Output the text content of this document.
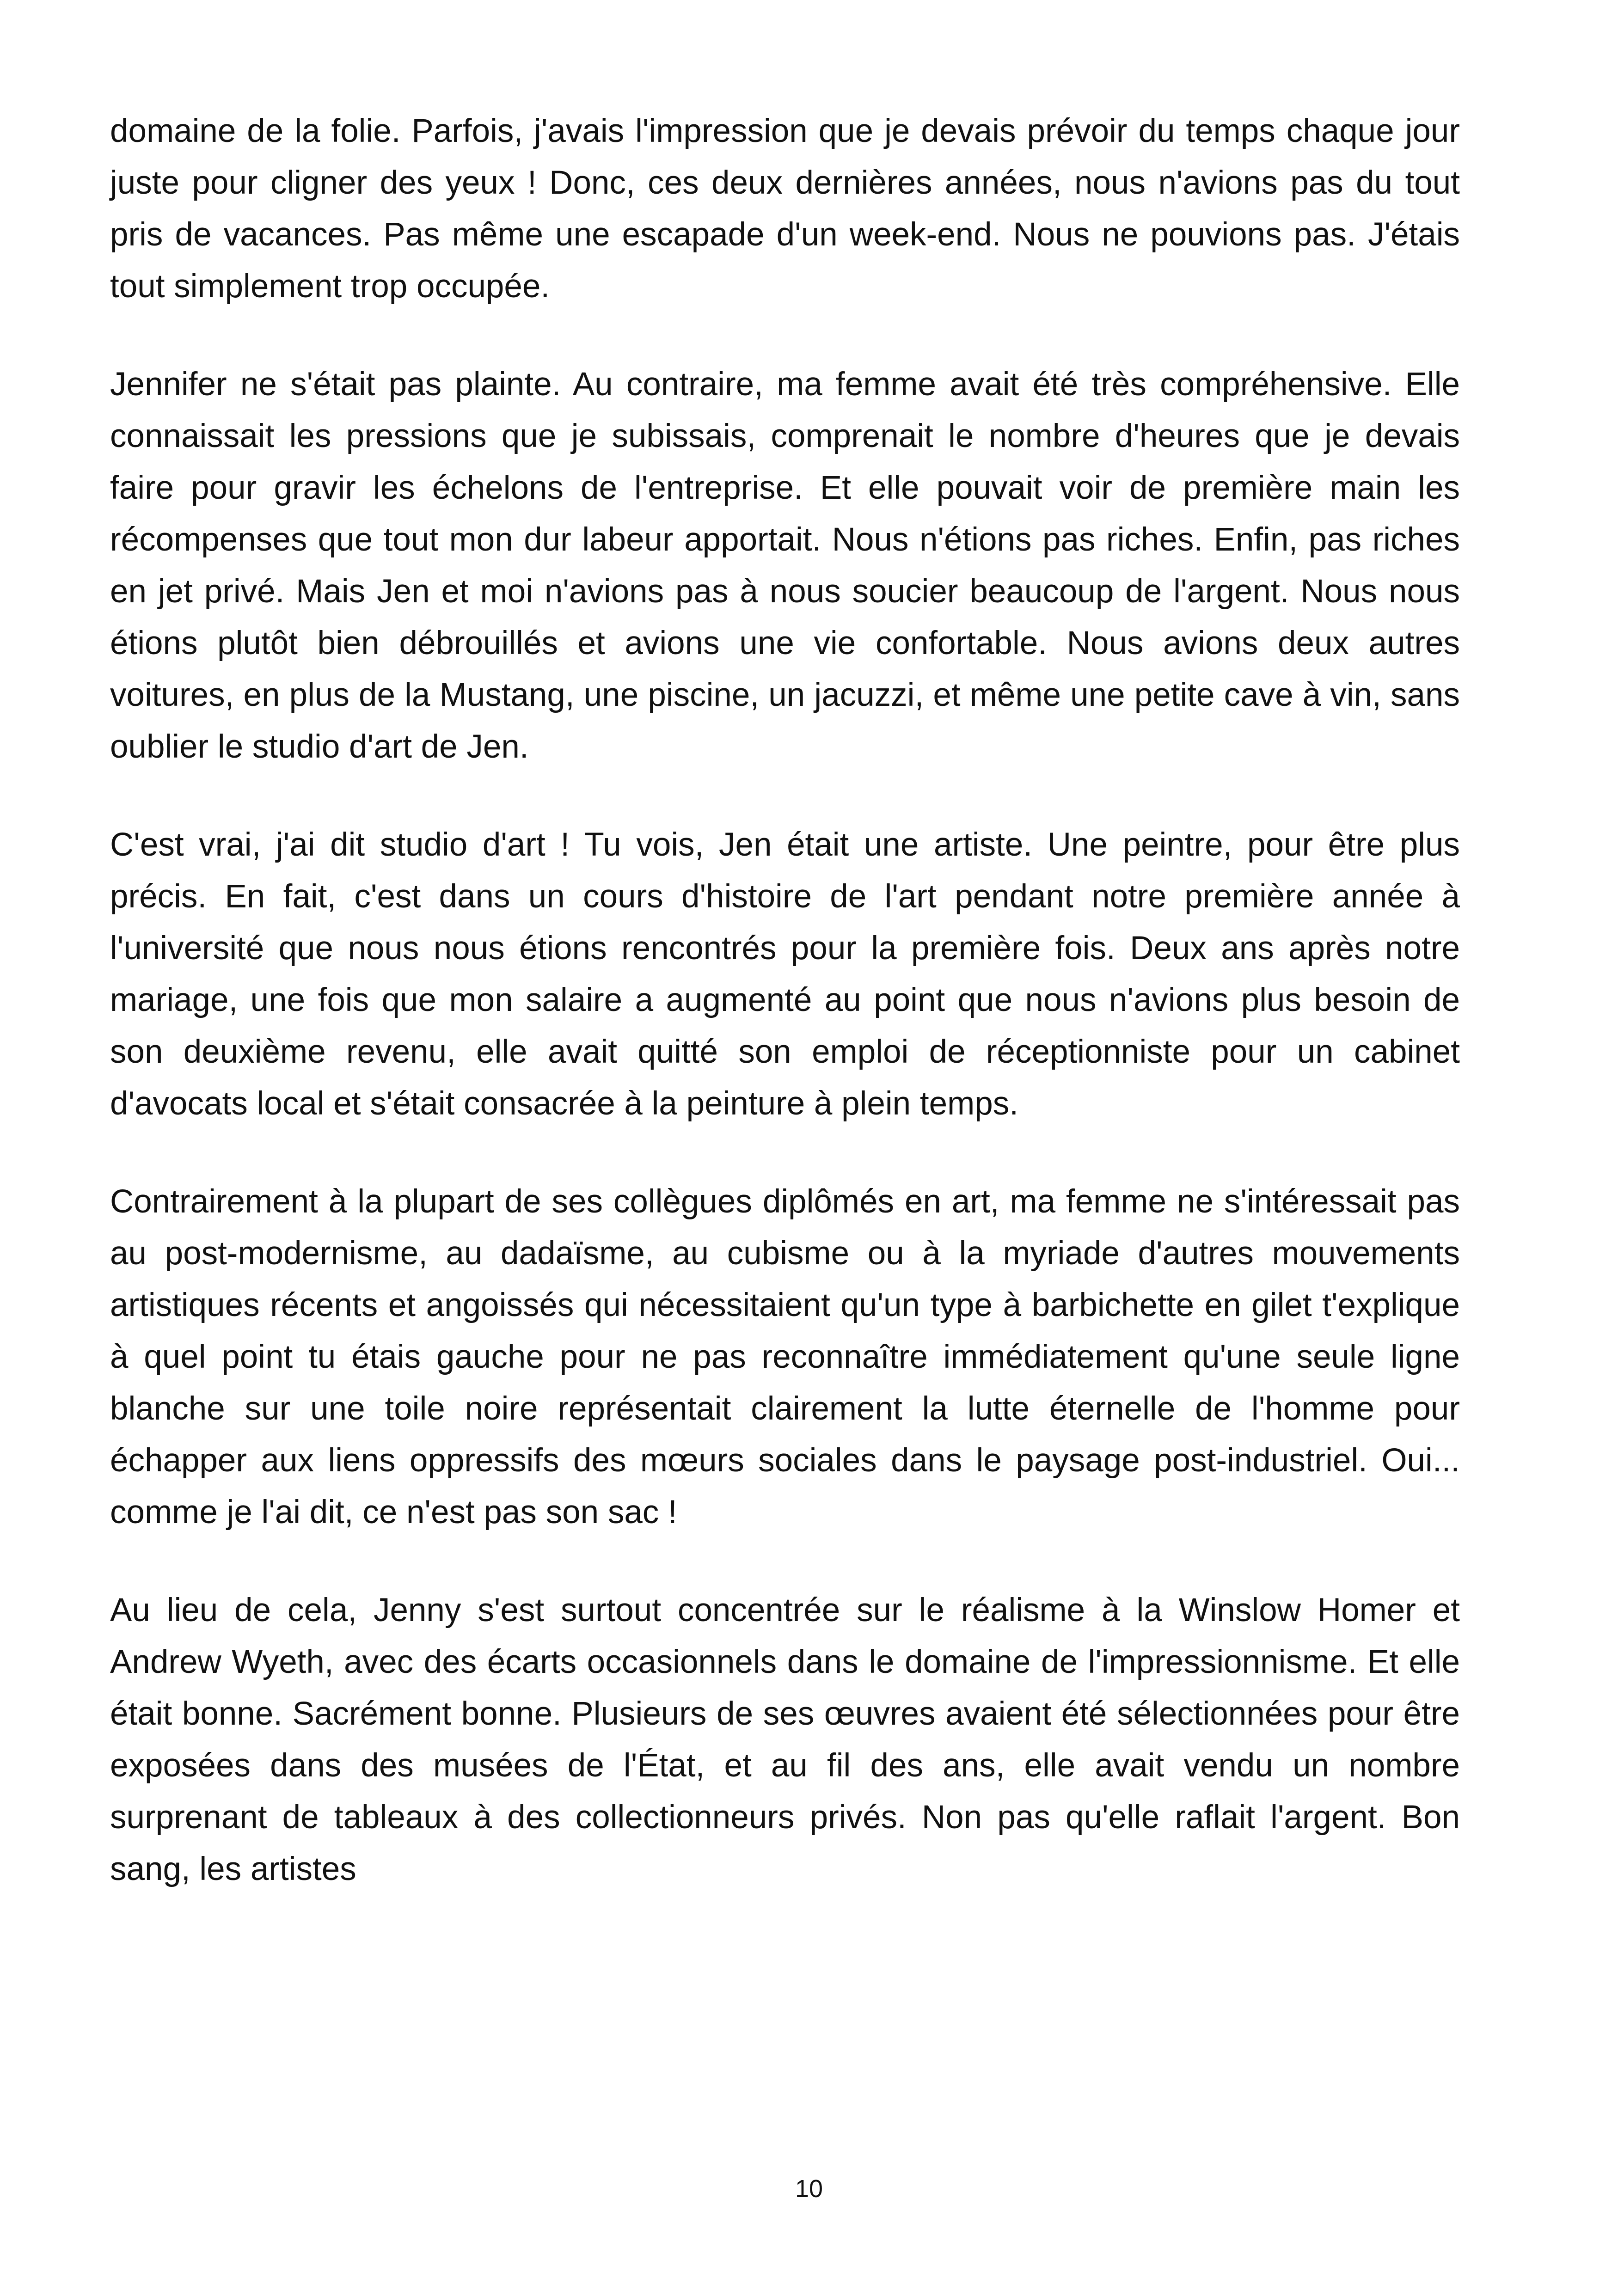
domaine de la folie. Parfois, j'avais l'impression que je devais prévoir du temps chaque jour juste pour cligner des yeux ! Donc, ces deux dernières années, nous n'avions pas du tout pris de vacances. Pas même une escapade d'un week-end. Nous ne pouvions pas. J'étais tout simplement trop occupée.

Jennifer ne s'était pas plainte. Au contraire, ma femme avait été très compréhensive. Elle connaissait les pressions que je subissais, comprenait le nombre d'heures que je devais faire pour gravir les échelons de l'entreprise. Et elle pouvait voir de première main les récompenses que tout mon dur labeur apportait. Nous n'étions pas riches. Enfin, pas riches en jet privé. Mais Jen et moi n'avions pas à nous soucier beaucoup de l'argent. Nous nous étions plutôt bien débrouillés et avions une vie confortable. Nous avions deux autres voitures, en plus de la Mustang, une piscine, un jacuzzi, et même une petite cave à vin, sans oublier le studio d'art de Jen.

C'est vrai, j'ai dit studio d'art ! Tu vois, Jen était une artiste. Une peintre, pour être plus précis. En fait, c'est dans un cours d'histoire de l'art pendant notre première année à l'université que nous nous étions rencontrés pour la première fois. Deux ans après notre mariage, une fois que mon salaire a augmenté au point que nous n'avions plus besoin de son deuxième revenu, elle avait quitté son emploi de réceptionniste pour un cabinet d'avocats local et s'était consacrée à la peinture à plein temps.

Contrairement à la plupart de ses collègues diplômés en art, ma femme ne s'intéressait pas au post-modernisme, au dadaïsme, au cubisme ou à la myriade d'autres mouvements artistiques récents et angoissés qui nécessitaient qu'un type à barbichette en gilet t'explique à quel point tu étais gauche pour ne pas reconnaître immédiatement qu'une seule ligne blanche sur une toile noire représentait clairement la lutte éternelle de l'homme pour échapper aux liens oppressifs des mœurs sociales dans le paysage post-industriel. Oui... comme je l'ai dit, ce n'est pas son sac !

Au lieu de cela, Jenny s'est surtout concentrée sur le réalisme à la Winslow Homer et Andrew Wyeth, avec des écarts occasionnels dans le domaine de l'impressionnisme. Et elle était bonne. Sacrément bonne. Plusieurs de ses œuvres avaient été sélectionnées pour être exposées dans des musées de l'État, et au fil des ans, elle avait vendu un nombre surprenant de tableaux à des collectionneurs privés. Non pas qu'elle raflait l'argent. Bon sang, les artistes

10
